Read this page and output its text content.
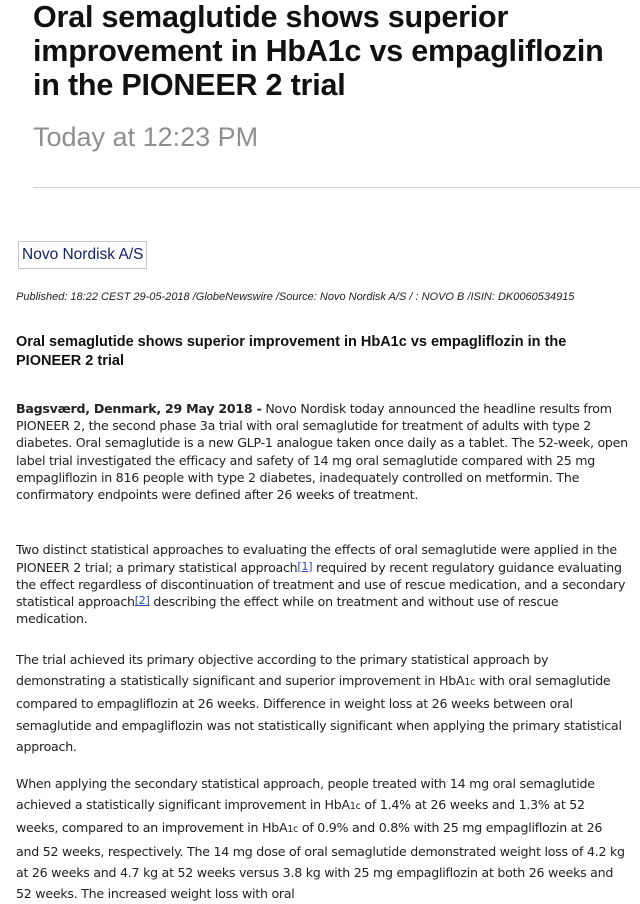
Oral semaglutide shows superior improvement in HbA1c vs empagliflozin in the PIONEER 2 trial
Today at 12:23 PM
Novo Nordisk A/S
Published: 18:22 CEST 29-05-2018 /GlobeNewswire /Source: Novo Nordisk A/S / : NOVO B /ISIN: DK0060534915
Oral semaglutide shows superior improvement in HbA1c vs empagliflozin in the PIONEER 2 trial

Bagsværd, Denmark, 29 May 2018 - Novo Nordisk today announced the headline results from PIONEER 2, the second phase 3a trial with oral semaglutide for treatment of adults with type 2 diabetes. Oral semaglutide is a new GLP-1 analogue taken once daily as a tablet. The 52-week, open label trial investigated the efficacy and safety of 14 mg oral semaglutide compared with 25 mg empagliflozin in 816 people with type 2 diabetes, inadequately controlled on metformin. The confirmatory endpoints were defined after 26 weeks of treatment.

Two distinct statistical approaches to evaluating the effects of oral semaglutide were applied in the PIONEER 2 trial; a primary statistical approach[1] required by recent regulatory guidance evaluating the effect regardless of discontinuation of treatment and use of rescue medication, and a secondary statistical approach[2] describing the effect while on treatment and without use of rescue medication.

The trial achieved its primary objective according to the primary statistical approach by demonstrating a statistically significant and superior improvement in HbA1c with oral semaglutide compared to empagliflozin at 26 weeks. Difference in weight loss at 26 weeks between oral semaglutide and empagliflozin was not statistically significant when applying the primary statistical approach.

When applying the secondary statistical approach, people treated with 14 mg oral semaglutide achieved a statistically significant improvement in HbA1c of 1.4% at 26 weeks and 1.3% at 52 weeks, compared to an improvement in HbA1c of 0.9% and 0.8% with 25 mg empagliflozin at 26 and 52 weeks, respectively. The 14 mg dose of oral semaglutide demonstrated weight loss of 4.2 kg at 26 weeks and 4.7 kg at 52 weeks versus 3.8 kg with 25 mg empagliflozin at both 26 weeks and 52 weeks. The increased weight loss with oral
